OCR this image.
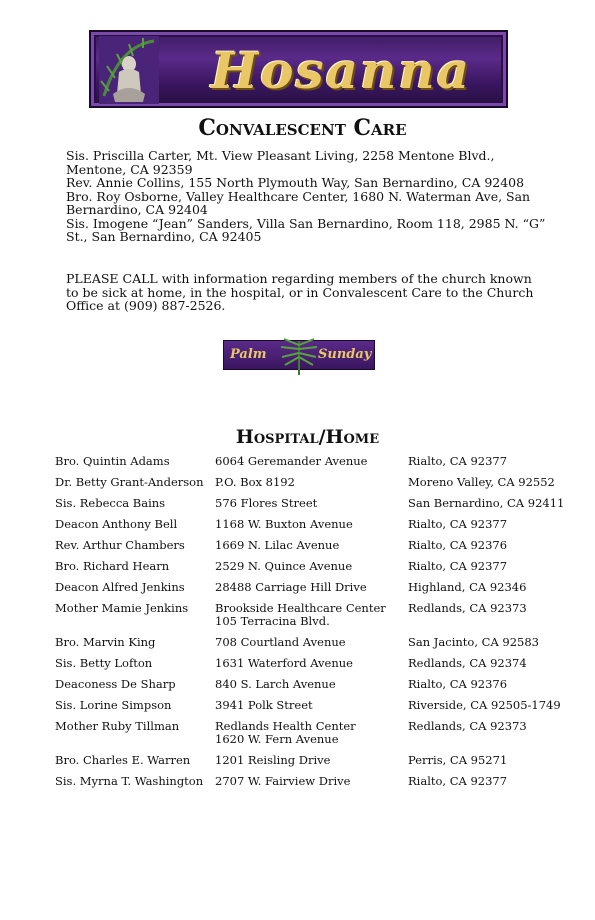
Hosanna
Convalescent Care
Sis. Priscilla Carter, Mt. View Pleasant Living, 2258 Mentone Blvd., Mentone, CA 92359
Rev. Annie Collins, 155 North Plymouth Way, San Bernardino, CA 92408
Bro. Roy Osborne, Valley Healthcare Center, 1680 N. Waterman Ave, San Bernardino, CA 92404
Sis. Imogene “Jean” Sanders, Villa San Bernardino, Room 118, 2985 N. “G” St., San Bernardino, CA 92405
PLEASE CALL with information regarding members of the church known to be sick at home, in the hospital, or in Convalescent Care to the Church Office at (909) 887-2526.
Palm	Sunday
Hospital/Home
Bro. Quintin Adams	6064 Geremander Avenue	Rialto, CA 92377
Dr. Betty Grant-Anderson	P.O. Box 8192	Moreno Valley, CA 92552
Sis. Rebecca Bains	576 Flores Street	San Bernardino, CA 92411
Deacon Anthony Bell	1168 W. Buxton Avenue	Rialto, CA 92377
Rev. Arthur Chambers	1669 N. Lilac Avenue	Rialto, CA 92376
Bro. Richard Hearn	2529 N. Quince Avenue	Rialto, CA 92377
Deacon Alfred Jenkins	28488 Carriage Hill Drive	Highland, CA 92346
Mother Mamie Jenkins	Brookside Healthcare Center
105 Terracina Blvd.
Redlands, CA 92373
Bro. Marvin King	708 Courtland Avenue	San Jacinto, CA 92583
Sis. Betty Lofton	1631 Waterford Avenue	Redlands, CA 92374
Deaconess De Sharp	840 S. Larch Avenue	Rialto, CA 92376
Sis. Lorine Simpson	3941 Polk Street	Riverside, CA 92505-1749
Mother Ruby Tillman	Redlands Health Center
1620 W. Fern Avenue
Redlands, CA 92373
Bro. Charles E. Warren	1201 Reisling Drive	Perris, CA 95271
Sis. Myrna T. Washington	2707 W. Fairview Drive	Rialto, CA 92377
